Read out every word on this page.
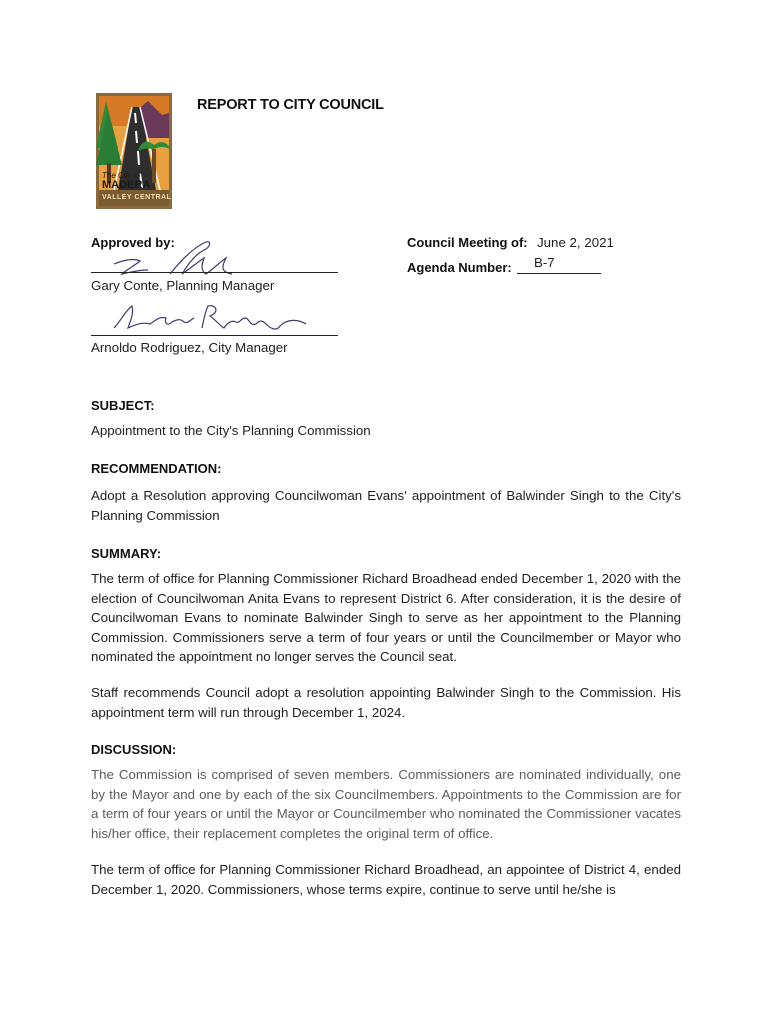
The City of
MADERA
VALLEY CENTRAL
REPORT TO CITY COUNCIL
Approved by:
Gary Conte, Planning Manager
Arnoldo Rodriguez, City Manager
Council Meeting of: June 2, 2021
Agenda Number: B-7
SUBJECT:
Appointment to the City's Planning Commission
RECOMMENDATION:
Adopt a Resolution approving Councilwoman Evans' appointment of Balwinder Singh to the City's Planning Commission
SUMMARY:
The term of office for Planning Commissioner Richard Broadhead ended December 1, 2020 with the election of Councilwoman Anita Evans to represent District 6. After consideration, it is the desire of Councilwoman Evans to nominate Balwinder Singh to serve as her appointment to the Planning Commission. Commissioners serve a term of four years or until the Councilmember or Mayor who nominated the appointment no longer serves the Council seat.
Staff recommends Council adopt a resolution appointing Balwinder Singh to the Commission. His appointment term will run through December 1, 2024.
DISCUSSION:
The Commission is comprised of seven members. Commissioners are nominated individually, one by the Mayor and one by each of the six Councilmembers. Appointments to the Commission are for a term of four years or until the Mayor or Councilmember who nominated the Commissioner vacates his/her office, their replacement completes the original term of office.
The term of office for Planning Commissioner Richard Broadhead, an appointee of District 4, ended December 1, 2020. Commissioners, whose terms expire, continue to serve until he/she is
